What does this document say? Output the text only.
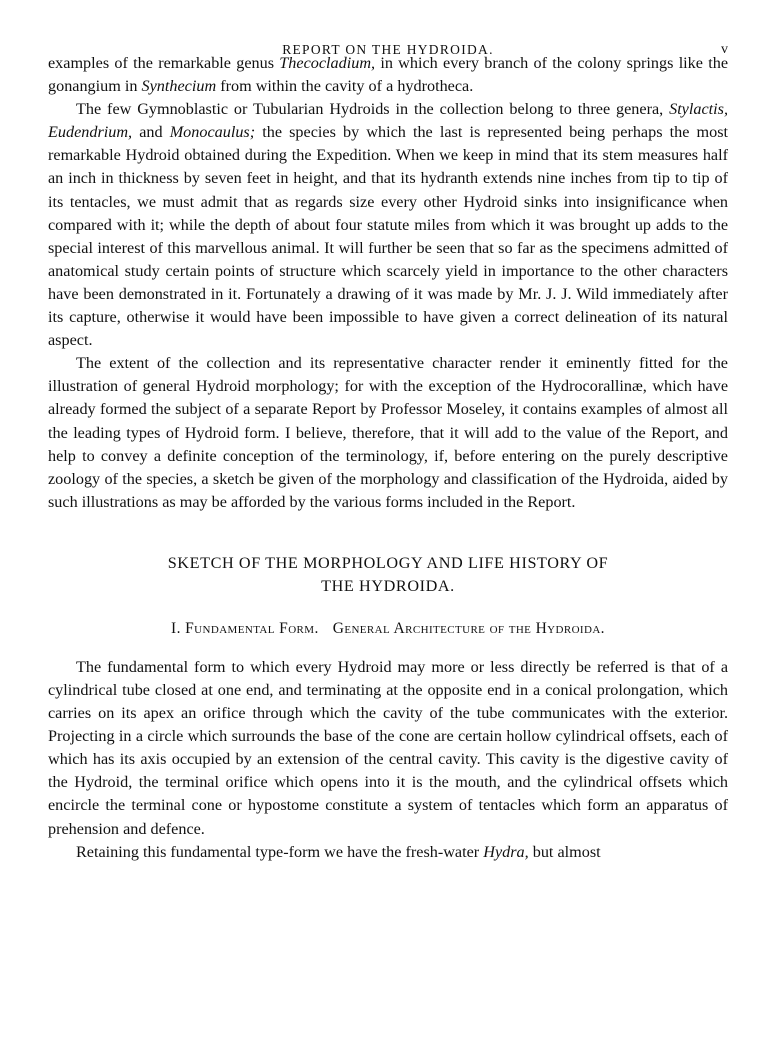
REPORT ON THE HYDROIDA.	v

examples of the remarkable genus Thecocladium, in which every branch of the colony springs like the gonangium in Synthecium from within the cavity of a hydrotheca.

The few Gymnoblastic or Tubularian Hydroids in the collection belong to three genera, Stylactis, Eudendrium, and Monocaulus; the species by which the last is represented being perhaps the most remarkable Hydroid obtained during the Expedition. When we keep in mind that its stem measures half an inch in thickness by seven feet in height, and that its hydranth extends nine inches from tip to tip of its tentacles, we must admit that as regards size every other Hydroid sinks into insignificance when compared with it; while the depth of about four statute miles from which it was brought up adds to the special interest of this marvellous animal. It will further be seen that so far as the specimens admitted of anatomical study certain points of structure which scarcely yield in importance to the other characters have been demonstrated in it. Fortunately a drawing of it was made by Mr. J. J. Wild immediately after its capture, otherwise it would have been impossible to have given a correct delineation of its natural aspect.

The extent of the collection and its representative character render it eminently fitted for the illustration of general Hydroid morphology; for with the exception of the Hydrocorallinæ, which have already formed the subject of a separate Report by Professor Moseley, it contains examples of almost all the leading types of Hydroid form. I believe, therefore, that it will add to the value of the Report, and help to convey a definite conception of the terminology, if, before entering on the purely descriptive zoology of the species, a sketch be given of the morphology and classification of the Hydroida, aided by such illustrations as may be afforded by the various forms included in the Report.

SKETCH OF THE MORPHOLOGY AND LIFE HISTORY OF
THE HYDROIDA.

I. Fundamental Form. General Architecture of the Hydroida.

The fundamental form to which every Hydroid may more or less directly be referred is that of a cylindrical tube closed at one end, and terminating at the opposite end in a conical prolongation, which carries on its apex an orifice through which the cavity of the tube communicates with the exterior. Projecting in a circle which surrounds the base of the cone are certain hollow cylindrical offsets, each of which has its axis occupied by an extension of the central cavity. This cavity is the digestive cavity of the Hydroid, the terminal orifice which opens into it is the mouth, and the cylindrical offsets which encircle the terminal cone or hypostome constitute a system of tentacles which form an apparatus of prehension and defence.

Retaining this fundamental type-form we have the fresh-water Hydra, but almost
